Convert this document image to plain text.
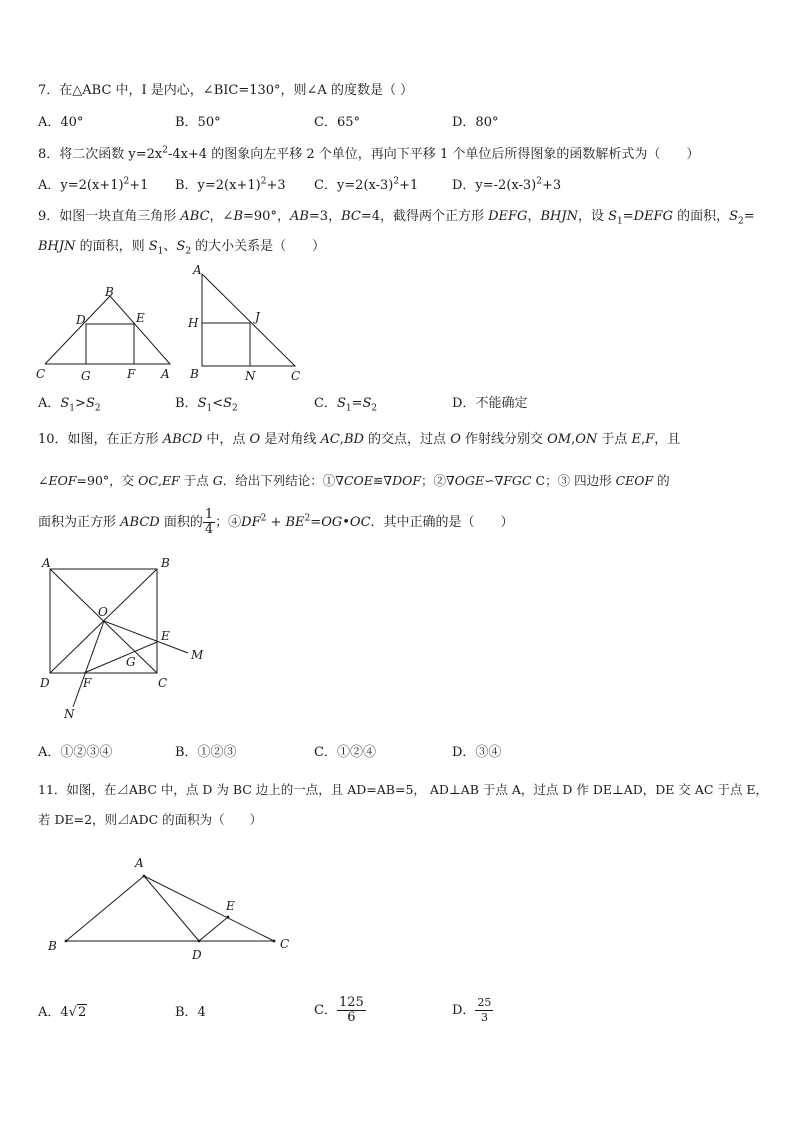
7．在△ABC 中，I 是内心，∠BIC=130°，则∠A 的度数是（ ）
A．40°	B．50°	C．65°	D．80°
8．将二次函数 $y=2x^2-4x+4$ 的图象向左平移 2 个单位，再向下平移 1 个单位后所得图象的函数解析式为（　　）
A．$y=2(x+1)^2+1$ B．$y=2(x+1)^2+3$ C．$y=2(x-3)^2+1$	D．$y=-2(x-3)^2+3$
9．如图一块直角三角形 ABC，∠B=90°，AB=3，BC=4，截得两个正方形 DEFG，BHJN，设 $S_1=DEFG$ 的面积，$S_2=$
BHJN 的面积，则 $S_1$、$S_2$ 的大小关系是（　　）
B
D	E
C	G	F A
A
H	J
B	N	C
A．$S_1>S_2$	B．$S_1<S_2$	C．$S_1=S_2$	D．不能确定
10．如图，在正方形 ABCD 中，点 O 是对角线 AC,BD 的交点，过点 O 作射线分别交 OM,ON 于点 E,F，且
∠EOF=90°，交 OC,EF 于点 G．给出下列结论：①∇COE≌∇DOF；②∇OGE∽∇FGC C；③ 四边形 CEOF 的
面积为正方形 ABCD 面积的 $\frac{1}{4}$ ；$④DF^2$ + $BE^2=OG•OC$．其中正确的是（　　）
A	B
O
E
M
G
D	F	C
N
A．①②③④	B．①②③	C．①②④	D．③④
11．如图，在⊿ABC 中，点 D 为 BC 边上的一点，且 AD=AB=5， AD⊥AB 于点 A，过点 D 作 DE⊥AD，DE 交 AC 于点 E，
若 DE=2，则⊿ADC 的面积为（　　）
A
E
B
D
C
A．4√2	B．4	C． $\frac{125}{6}$	D． $\frac{25}{3}$
